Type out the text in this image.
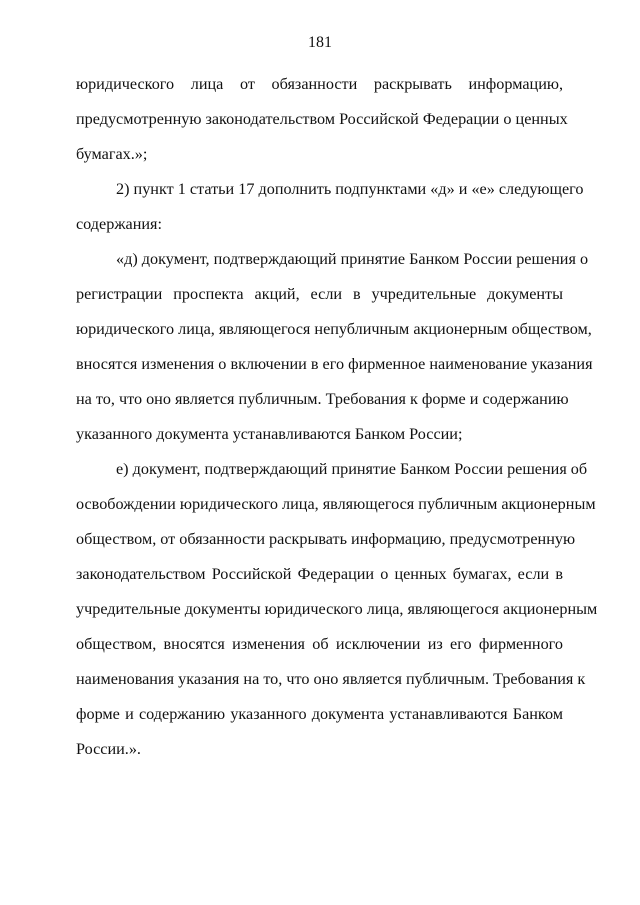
181
юридического лица от обязанности раскрывать информацию,
предусмотренную законодательством Российской Федерации о ценных
бумагах.»;
2) пункт 1 статьи 17 дополнить подпунктами «д» и «е» следующего
содержания:
«д) документ, подтверждающий принятие Банком России решения о
регистрации проспекта акций, если в учредительные документы
юридического лица, являющегося непубличным акционерным обществом,
вносятся изменения о включении в его фирменное наименование указания
на то, что оно является публичным. Требования к форме и содержанию
указанного документа устанавливаются Банком России;
е) документ, подтверждающий принятие Банком России решения об
освобождении юридического лица, являющегося публичным акционерным
обществом, от обязанности раскрывать информацию, предусмотренную
законодательством Российской Федерации о ценных бумагах, если в
учредительные документы юридического лица, являющегося акционерным
обществом, вносятся изменения об исключении из его фирменного
наименования указания на то, что оно является публичным. Требования к
форме и содержанию указанного документа устанавливаются Банком
России.».
